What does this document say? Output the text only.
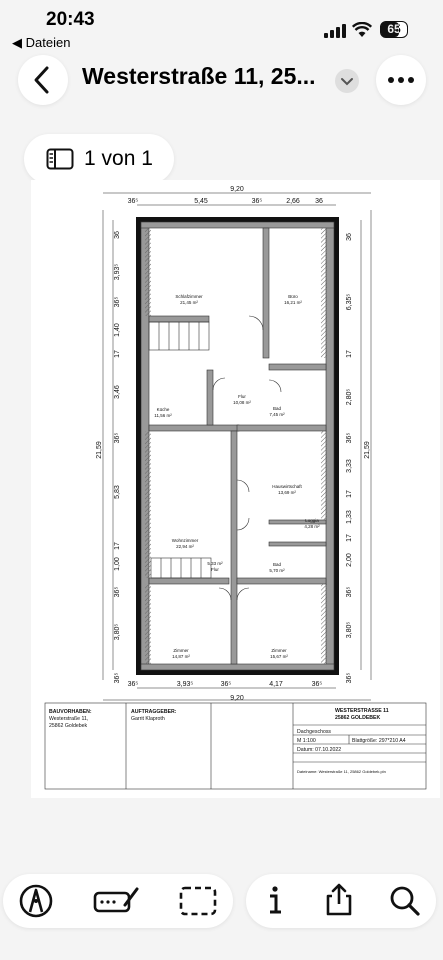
20:43
◀ Dateien
65
Westerstraße 11, 25...
1 von 1
9,20
36⁵	5,45	36⁵	2,66 36
36⁵	3,93⁵	36⁵	4,17	36⁵
9,20
36
3,93⁵
36⁵
1,40
17
3,46
36⁵
5,83
17
1,00
36⁵
3,80⁵
36⁵
21,59
36
6,35⁵
17
2,80⁵
36⁵
3,33
17
1,33
17
2,00
36⁵
3,80⁵
36⁵
21,59
Schlafzimmer
21,45 m²
Büro
16,21 m²
Flur
10,08 m²
Küche
11,56 m²
Bad
7,45 m²
Hauswirtschaft
13,69 m²
Loggia
4,28 m²
Wohnzimmer
22,94 m²
5,33 m²
Flur
Bad
5,70 m²
Zimmer
14,87 m²
Zimmer
15,67 m²
BAUVORHABEN:
Westerstraße 11,
25862 Goldebek
AUFTRAGGEBER:
Garrit Klaproth
WESTERSTRASSE 11
25862 GOLDEBEK
Dachgeschoss
M 1:100	Blattgröße: 297*210 A4
Datum: 07.10.2022
Dateiname: Westerstraße 11, 25862 Goldebek.pln
